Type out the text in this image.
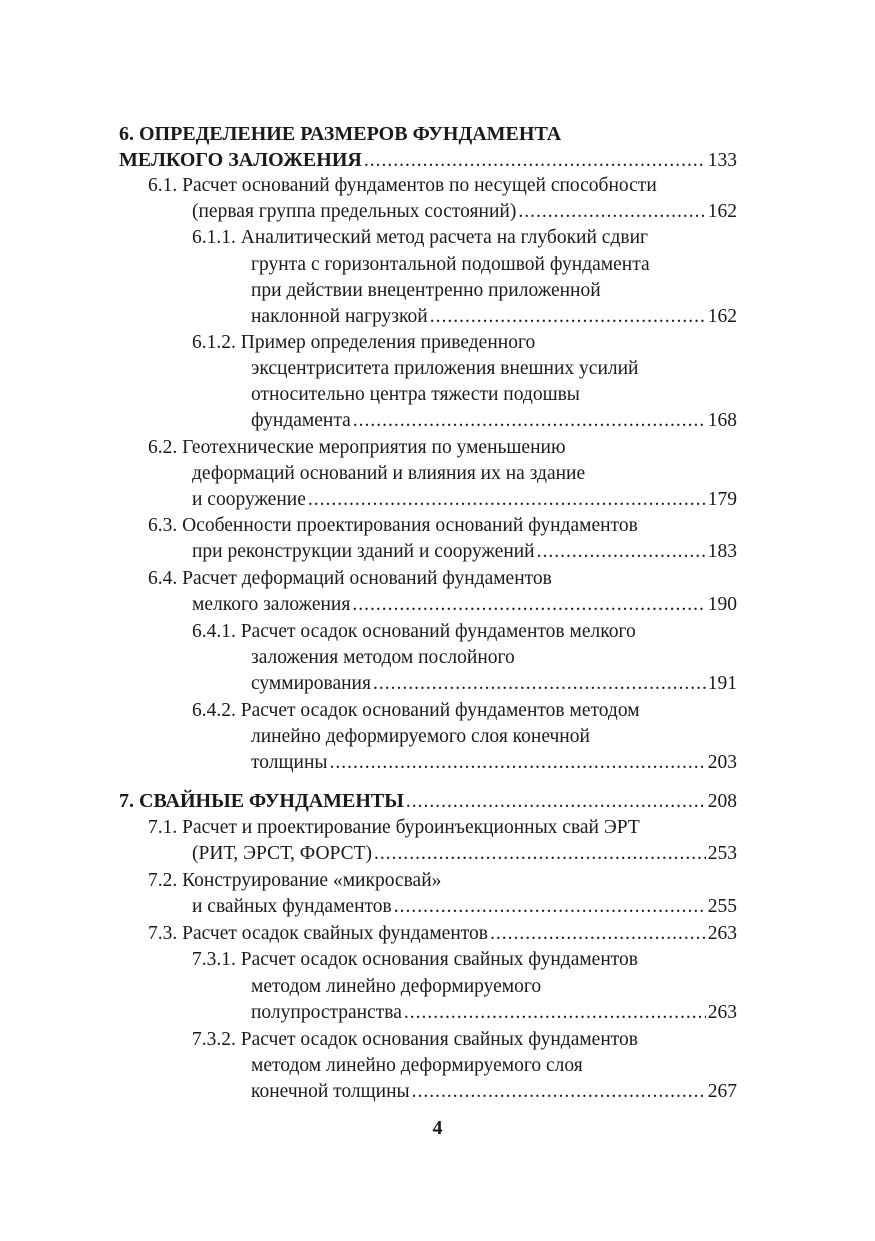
6. ОПРЕДЕЛЕНИЕ РАЗМЕРОВ ФУНДАМЕНТА
МЕЛКОГО ЗАЛОЖЕНИЯ .....	133
6.1. Расчет оснований фундаментов по несущей способности
(первая группа предельных состояний) .....	162
6.1.1. Аналитический метод расчета на глубокий сдвиг
грунта с горизонтальной подошвой фундамента
при действии внецентренно приложенной
наклонной нагрузкой .....	162
6.1.2. Пример определения приведенного
эксцентриситета приложения внешних усилий
относительно центра тяжести подошвы
фундамента .....	168
6.2. Геотехнические мероприятия по уменьшению
деформаций оснований и влияния их на здание
и сооружение .....	179
6.3. Особенности проектирования оснований фундаментов
при реконструкции зданий и сооружений .....	183
6.4. Расчет деформаций оснований фундаментов
мелкого заложения .....	190
6.4.1. Расчет осадок оснований фундаментов мелкого
заложения методом послойного
суммирования .....	191
6.4.2. Расчет осадок оснований фундаментов методом
линейно деформируемого слоя конечной
толщины .....	203
7. СВАЙНЫЕ ФУНДАМЕНТЫ .....	208
7.1. Расчет и проектирование буроинъекционных свай ЭРТ
(РИТ, ЭРСТ, ФОРСТ) .....	253
7.2. Конструирование «микросвай»
и свайных фундаментов .....	255
7.3. Расчет осадок свайных фундаментов .....	263
7.3.1. Расчет осадок основания свайных фундаментов
методом линейно деформируемого
полупространства .....	263
7.3.2. Расчет осадок основания свайных фундаментов
методом линейно деформируемого слоя
конечной толщины .....	267
4
